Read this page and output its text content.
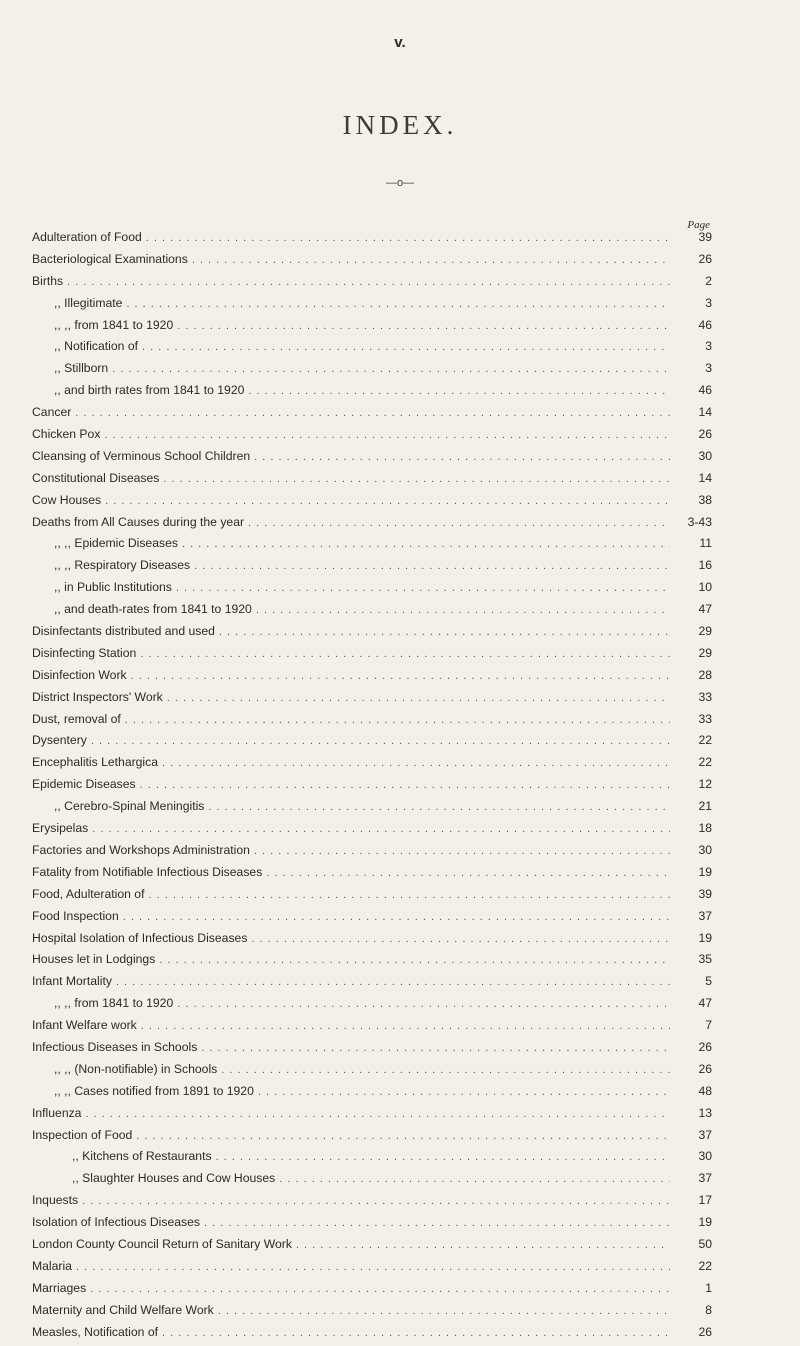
v.
INDEX.
—o—
Page
Adulteration of Food . . .	39
Bacteriological Examinations . . .	26
Births . . .	2
,, Illegitimate . . .	3
,, ,, from 1841 to 1920 . . .	46
,, Notification of . . .	3
,, Stillborn . . .	3
,, and birth rates from 1841 to 1920 . . .	46
Cancer . . .	14
Chicken Pox . . .	26
Cleansing of Verminous School Children . . .	30
Constitutional Diseases . . .	14
Cow Houses . . .	38
Deaths from All Causes during the year . . .	3-43
,, ,, Epidemic Diseases . . .	11
,, ,, Respiratory Diseases . . .	16
,, in Public Institutions . . .	10
,, and death-rates from 1841 to 1920 . . .	47
Disinfectants distributed and used . . .	29
Disinfecting Station . . .	29
Disinfection Work . . .	28
District Inspectors' Work . . .	33
Dust, removal of . . .	33
Dysentery . . .	22
Encephalitis Lethargica . . .	22
Epidemic Diseases . . .	12
,, Cerebro-Spinal Meningitis . . .	21
Erysipelas . . .	18
Factories and Workshops Administration . . .	30
Fatality from Notifiable Infectious Diseases . . .	19
Food, Adulteration of . . .	39
Food Inspection . . .	37
Hospital Isolation of Infectious Diseases . . .	19
Houses let in Lodgings . . .	35
Infant Mortality . . .	5
,, ,, from 1841 to 1920 . . .	47
Infant Welfare work . . .	7
Infectious Diseases in Schools . . .	26
,, ,, (Non-notifiable) in Schools . . .	26
,, ,, Cases notified from 1891 to 1920 . . .	48
Influenza . . .	13
Inspection of Food . . .	37
,, Kitchens of Restaurants . . .	30
,, Slaughter Houses and Cow Houses . . .	37
Inquests . . .	17
Isolation of Infectious Diseases . . .	19
London County Council Return of Sanitary Work . . .	50
Malaria . . .	22
Marriages . . .	1
Maternity and Child Welfare Work . . .	8
Measles, Notification of . . .	26
